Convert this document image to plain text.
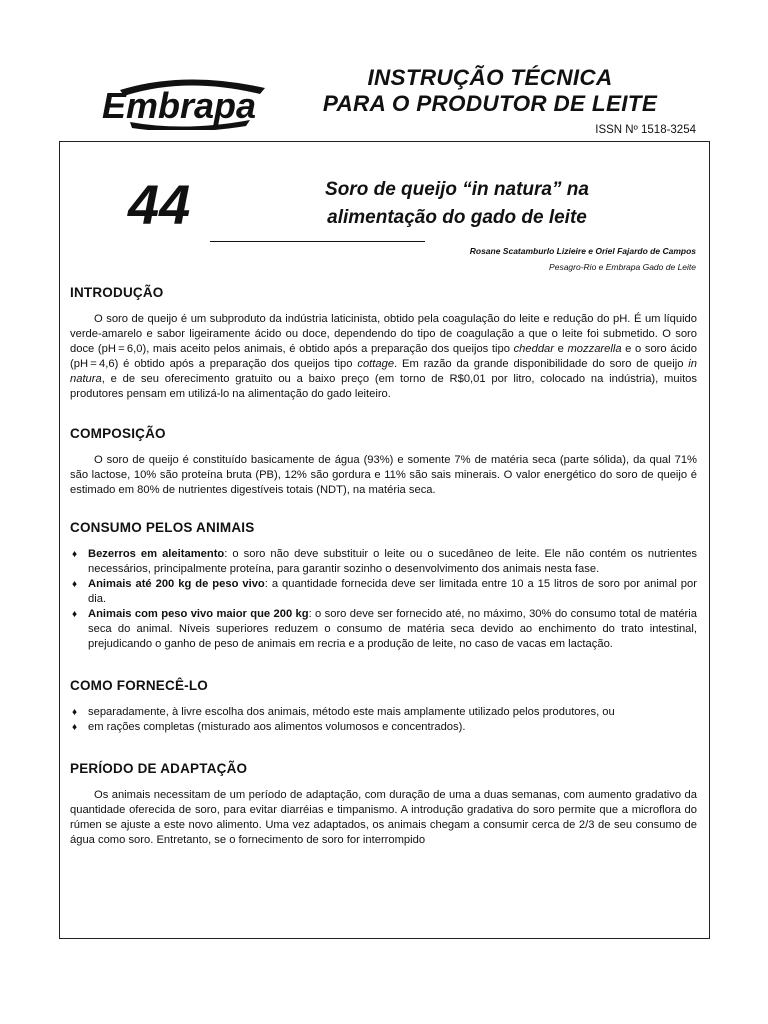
Embrapa
INSTRUÇÃO TÉCNICA
PARA O PRODUTOR DE LEITE
ISSN Nº 1518-3254
44	Soro de queijo “in natura” na
alimentação do gado de leite
Rosane Scatamburlo Lizieire e Oriel Fajardo de Campos
Pesagro-Rio e Embrapa Gado de Leite
INTRODUÇÃO

O soro de queijo é um subproduto da indústria laticinista, obtido pela coagulação do leite e redução do pH. É um líquido verde-amarelo e sabor ligeiramente ácido ou doce, dependendo do tipo de coagulação a que o leite foi submetido. O soro doce (pH = 6,0), mais aceito pelos animais, é obtido após a preparação dos queijos tipo cheddar e mozzarella e o soro ácido (pH = 4,6) é obtido após a preparação dos queijos tipo cottage. Em razão da grande disponibilidade do soro de queijo in natura, e de seu oferecimento gratuito ou a baixo preço (em torno de R$0,01 por litro, colocado na indústria), muitos produtores pensam em utilizá-lo na alimentação do gado leiteiro.

COMPOSIÇÃO

O soro de queijo é constituído basicamente de água (93%) e somente 7% de matéria seca (parte sólida), da qual 71% são lactose, 10% são proteína bruta (PB), 12% são gordura e 11% são sais minerais. O valor energético do soro de queijo é estimado em 80% de nutrientes digestíveis totais (NDT), na matéria seca.

CONSUMO PELOS ANIMAIS
♦ Bezerros em aleitamento: o soro não deve substituir o leite ou o sucedâneo de leite. Ele não contém os nutrientes necessários, principalmente proteína, para garantir sozinho o desenvolvimento dos animais nesta fase.
♦ Animais até 200 kg de peso vivo: a quantidade fornecida deve ser limitada entre 10 a 15 litros de soro por animal por dia.
♦ Animais com peso vivo maior que 200 kg: o soro deve ser fornecido até, no máximo, 30% do consumo total de matéria seca do animal. Níveis superiores reduzem o consumo de matéria seca devido ao enchimento do trato intestinal, prejudicando o ganho de peso de animais em recria e a produção de leite, no caso de vacas em lactação.
COMO FORNECÊ-LO
♦ separadamente, à livre escolha dos animais, método este mais amplamente utilizado pelos produtores, ou
♦ em rações completas (misturado aos alimentos volumosos e concentrados).
PERÍODO DE ADAPTAÇÃO

Os animais necessitam de um período de adaptação, com duração de uma a duas semanas, com aumento gradativo da quantidade oferecida de soro, para evitar diarréias e timpanismo. A introdução gradativa do soro permite que a microflora do rúmen se ajuste a este novo alimento. Uma vez adaptados, os animais chegam a consumir cerca de 2/3 de seu consumo de água como soro. Entretanto, se o fornecimento de soro for interrompido
